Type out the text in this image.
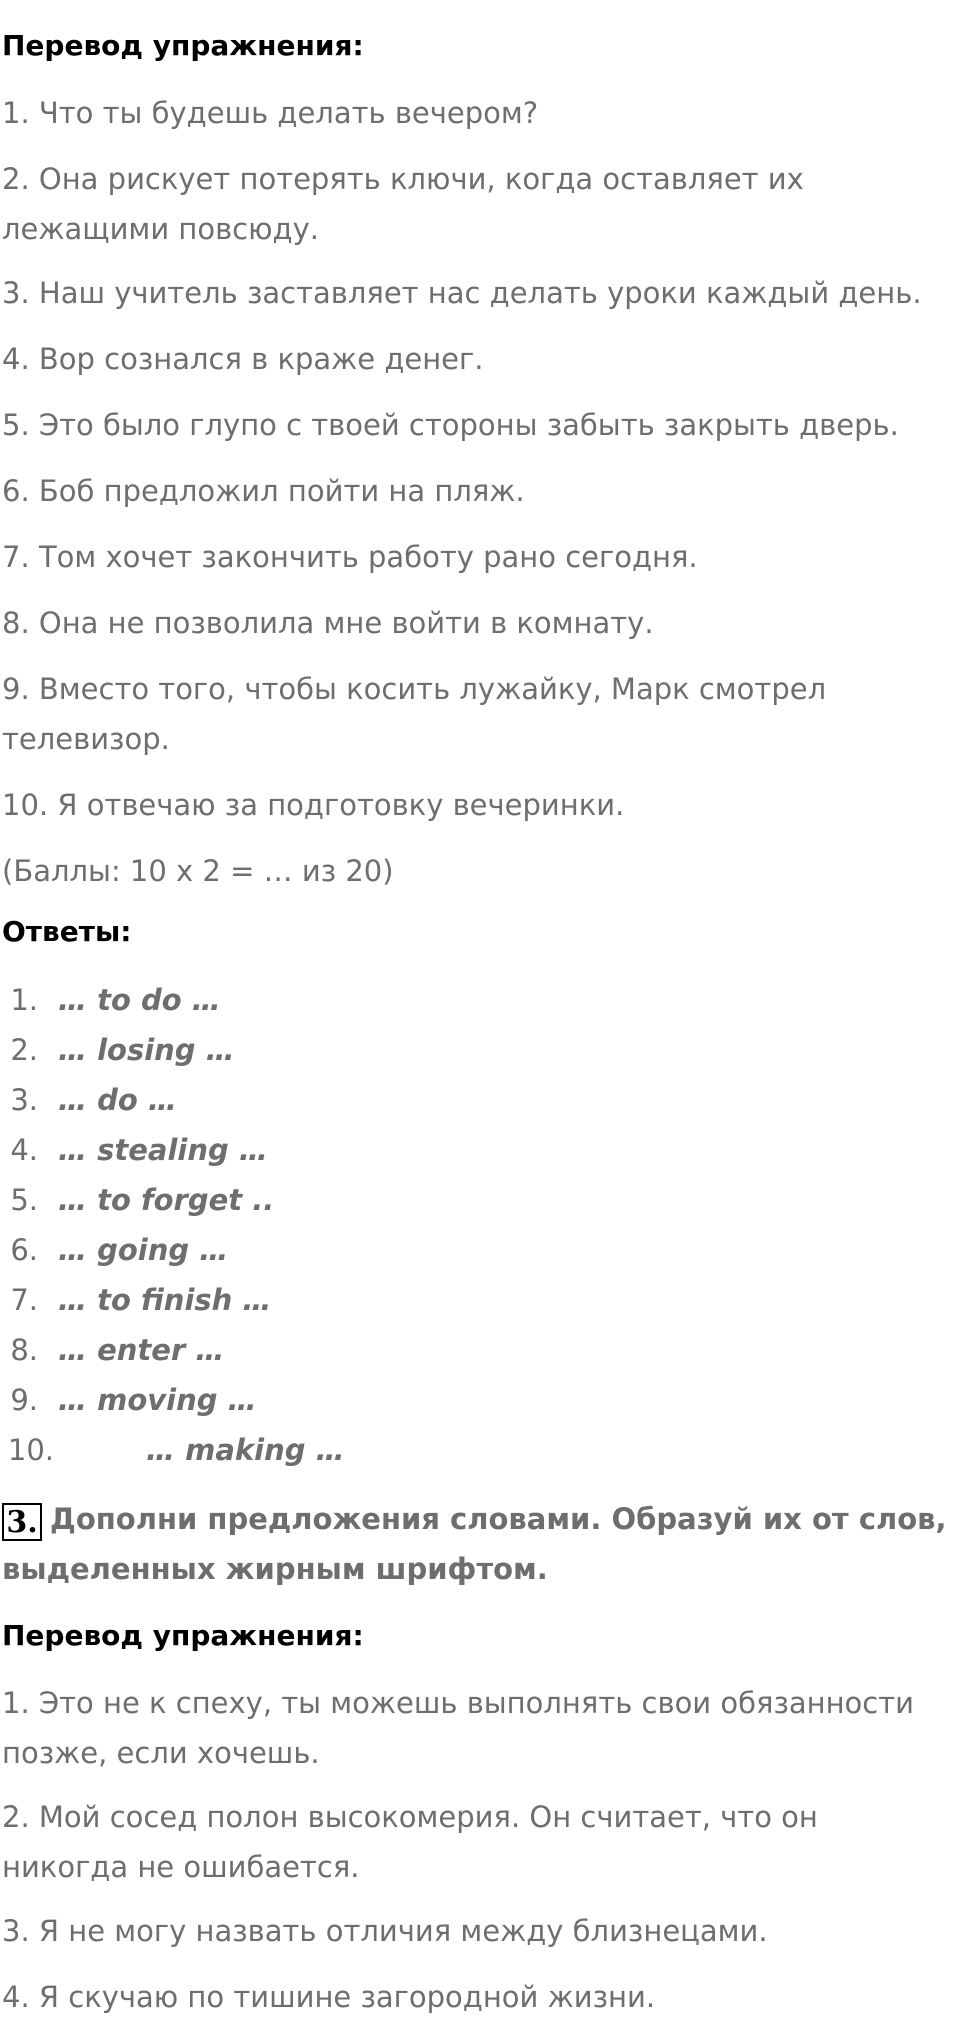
Перевод упражнения:

1. Что ты будешь делать вечером?

2. Она рискует потерять ключи, когда оставляет их

лежащими повсюду.

3. Наш учитель заставляет нас делать уроки каждый день.

4. Вор сознался в краже денег.

5. Это было глупо с твоей стороны забыть закрыть дверь.

6. Боб предложил пойти на пляж.

7. Том хочет закончить работу рано сегодня.

8. Она не позволила мне войти в комнату.

9. Вместо того, чтобы косить лужайку, Марк смотрел

телевизор.

10. Я отвечаю за подготовку вечеринки.

(Баллы: 10 x 2 = … из 20)

Ответы:

1. … to do …
2. … losing …
3. … do …
4. … stealing …
5. … to forget ..
6. … going …
7. … to finish …
8. … enter …
9. … moving …
10.	… making …

3. Дополни предложения словами. Образуй их от слов, выделенных жирным шрифтом.

Перевод упражнения:

1. Это не к спеху, ты можешь выполнять свои обязанности

позже, если хочешь.

2. Мой сосед полон высокомерия. Он считает, что он

никогда не ошибается.

3. Я не могу назвать отличия между близнецами.

4. Я скучаю по тишине загородной жизни.
